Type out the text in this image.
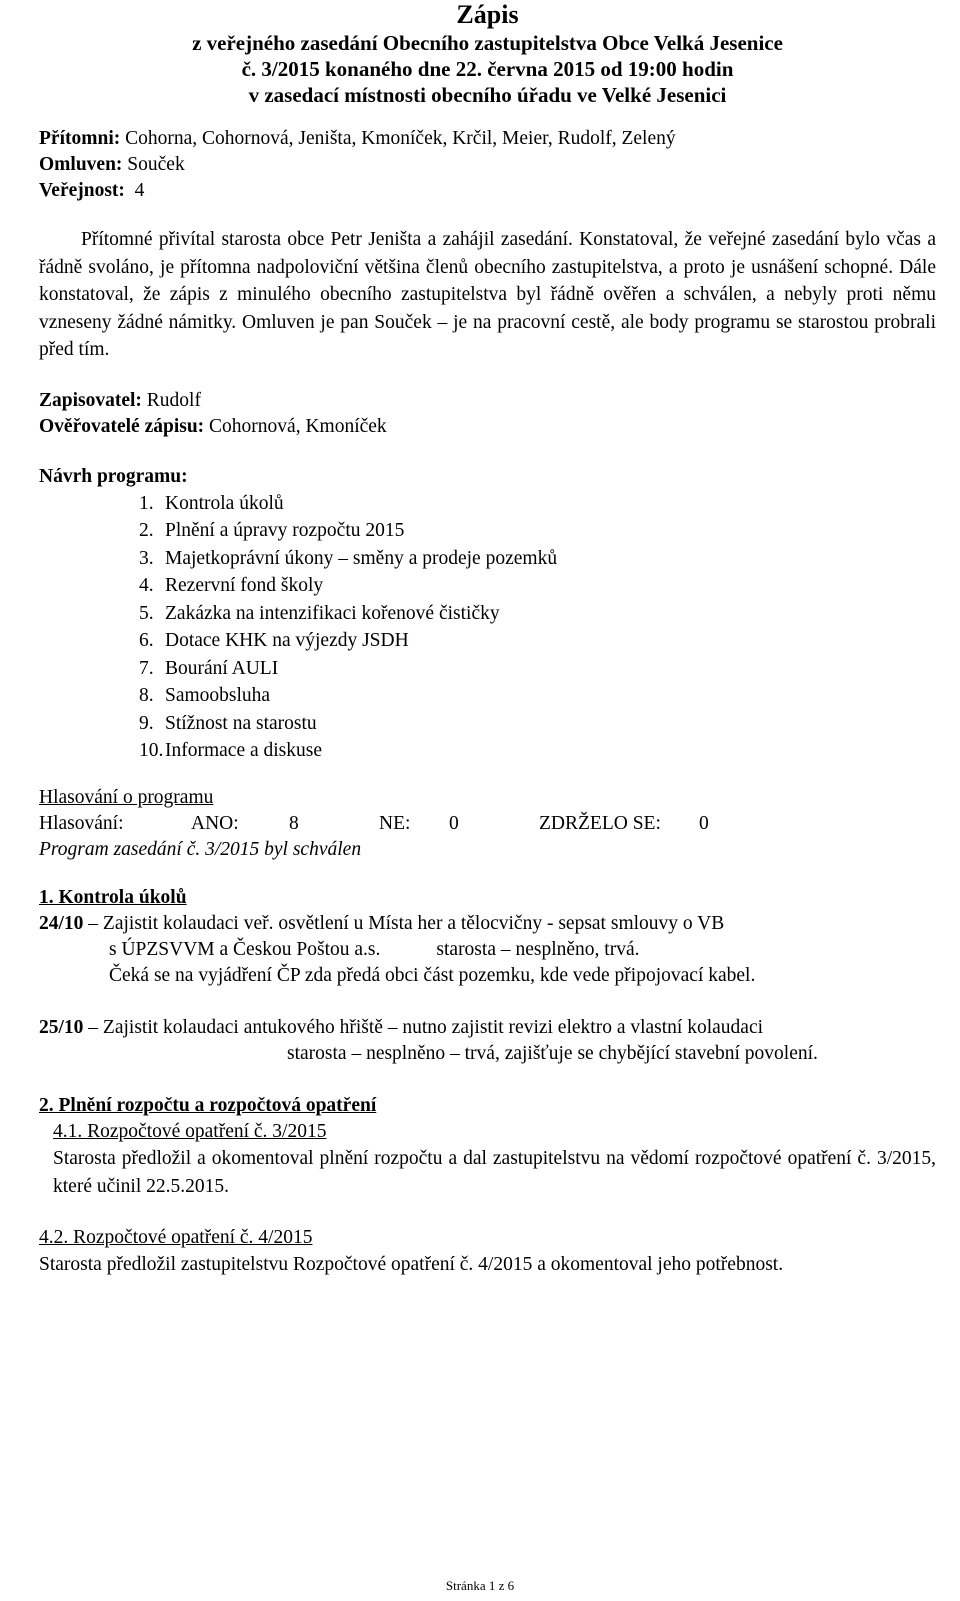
Zápis

z veřejného zasedání Obecního zastupitelstva Obce Velká Jesenice

č. 3/2015 konaného dne 22. června 2015 od 19:00 hodin

v zasedací místnosti obecního úřadu ve Velké Jesenici

Přítomni: Cohorna, Cohornová, Jeništa, Kmoníček, Krčil, Meier, Rudolf, Zelený

Omluven: Souček

Veřejnost:  4

Přítomné přivítal starosta obce Petr Jeništa a zahájil zasedání. Konstatoval, že veřejné zasedání bylo včas a řádně svoláno, je přítomna nadpoloviční většina členů obecního zastupitelstva, a proto je usnášení schopné. Dále konstatoval, že zápis z minulého obecního zastupitelstva byl řádně ověřen a schválen, a nebyly proti němu vzneseny žádné námitky. Omluven je pan Souček – je na pracovní cestě, ale body programu se starostou probrali před tím.

Zapisovatel: Rudolf

Ověřovatelé zápisu: Cohornová, Kmoníček

Návrh programu:

1. Kontrola úkolů
2. Plnění a úpravy rozpočtu 2015
3. Majetkoprávní úkony – směny a prodeje pozemků
4. Rezervní fond školy
5. Zakázka na intenzifikaci kořenové čističky
6. Dotace KHK na výjezdy JSDH
7. Bourání AULI
8. Samoobsluha
9. Stížnost na starostu
10. Informace a diskuse

Hlasování o programu

Hlasování:	ANO:	8	NE:	0	ZDRŽELO SE:	0

Program zasedání č. 3/2015 byl schválen

1. Kontrola úkolů

24/10 – Zajistit kolaudaci veř. osvětlení u Místa her a tělocvičny - sepsat smlouvy o VB

s ÚPZSVVM a Českou Poštou a.s.	starosta – nesplněno, trvá.

Čeká se na vyjádření ČP zda předá obci část pozemku, kde vede připojovací kabel.

25/10 – Zajistit kolaudaci antukového hřiště – nutno zajistit revizi elektro a vlastní kolaudaci

starosta – nesplněno – trvá, zajišťuje se chybějící stavební povolení.

2. Plnění rozpočtu a rozpočtová opatření

4.1. Rozpočtové opatření č. 3/2015

Starosta předložil a okomentoval plnění rozpočtu a dal zastupitelstvu na vědomí rozpočtové opatření č. 3/2015, které učinil 22.5.2015.

4.2. Rozpočtové opatření č. 4/2015

Starosta předložil zastupitelstvu Rozpočtové opatření č. 4/2015 a okomentoval jeho potřebnost.

Stránka 1 z 6
